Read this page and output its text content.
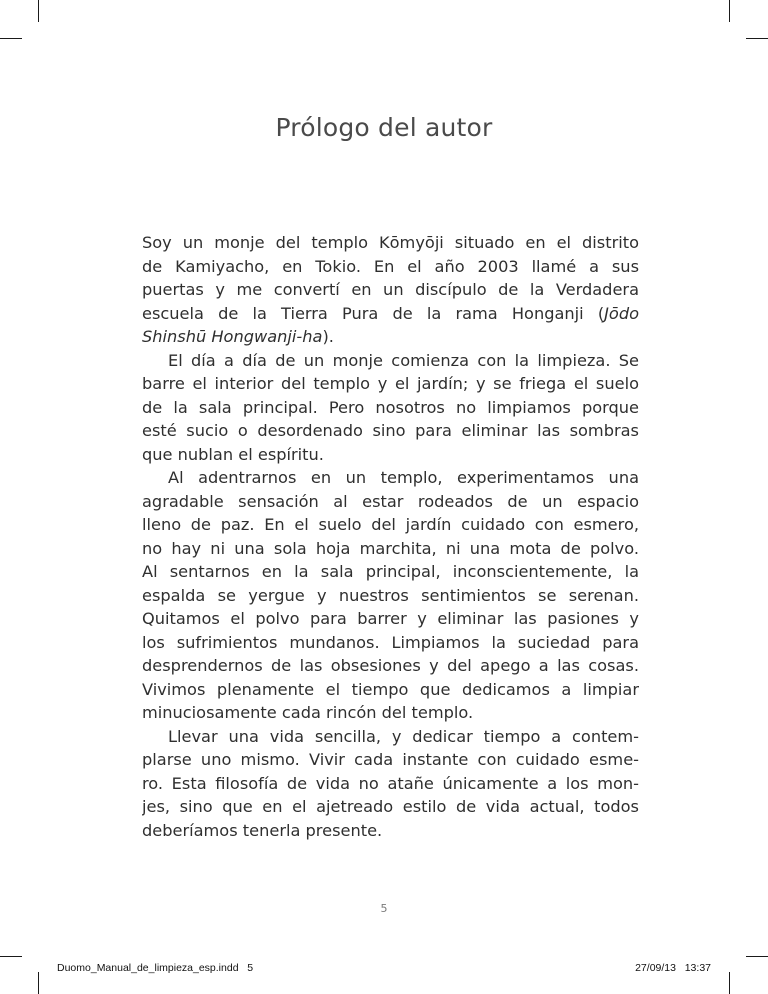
Prólogo del autor
Soy un monje del templo Kōmyōji situado en el distrito
de Kamiyacho, en Tokio. En el año 2003 llamé a sus
puertas y me convertí en un discípulo de la Verdadera
escuela de la Tierra Pura de la rama Honganji (Jōdo
Shinshū Hongwanji-ha).
El día a día de un monje comienza con la limpieza. Se
barre el interior del templo y el jardín; y se friega el suelo
de la sala principal. Pero nosotros no limpiamos porque
esté sucio o desordenado sino para eliminar las sombras
que nublan el espíritu.
Al adentrarnos en un templo, experimentamos una
agradable sensación al estar rodeados de un espacio
lleno de paz. En el suelo del jardín cuidado con esmero,
no hay ni una sola hoja marchita, ni una mota de polvo.
Al sentarnos en la sala principal, inconscientemente, la
espalda se yergue y nuestros sentimientos se serenan.
Quitamos el polvo para barrer y eliminar las pasiones y
los sufrimientos mundanos. Limpiamos la suciedad para
desprendernos de las obsesiones y del apego a las cosas.
Vivimos plenamente el tiempo que dedicamos a limpiar
minuciosamente cada rincón del templo.
Llevar una vida sencilla, y dedicar tiempo a contem-
plarse uno mismo. Vivir cada instante con cuidado esme-
ro. Esta filosofía de vida no atañe únicamente a los mon-
jes, sino que en el ajetreado estilo de vida actual, todos
deberíamos tenerla presente.
5
Duomo_Manual_de_limpieza_esp.indd   5	27/09/13   13:37
